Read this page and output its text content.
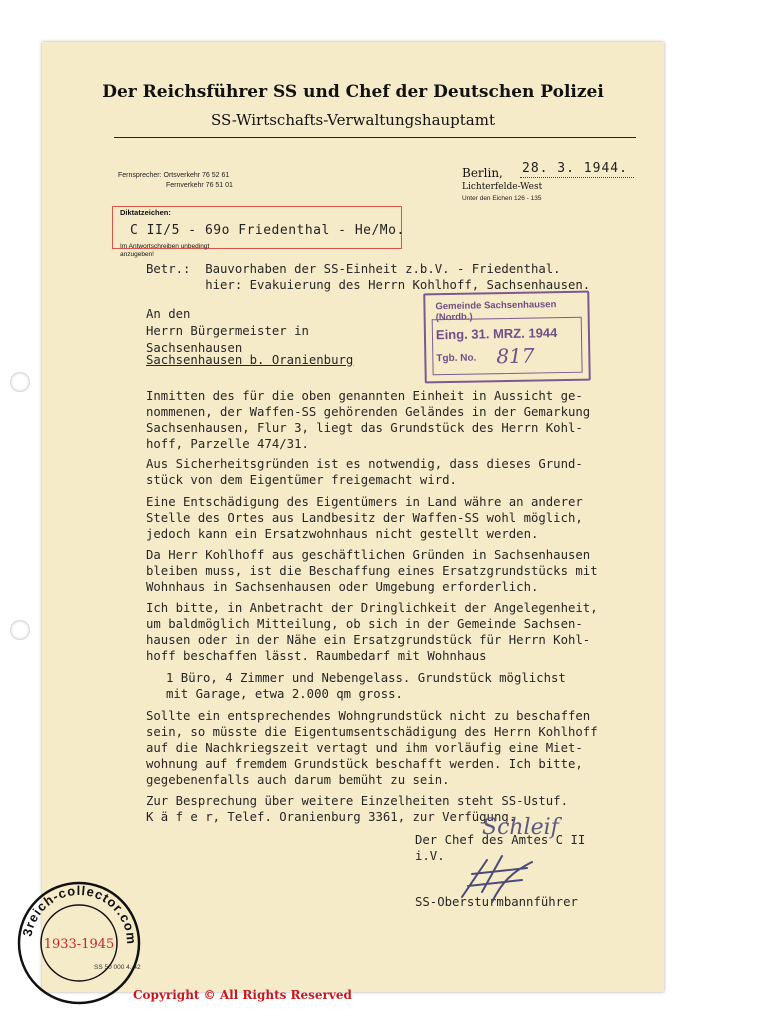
Der Reichsführer SS und Chef der Deutschen Polizei
SS-Wirtschafts-Verwaltungshauptamt
Fernsprecher: Ortsverkehr 76 52 61
Fernverkehr 76 51 01
Berlin, 28. 3. 1944.
Lichterfelde-West
Unter den Eichen 126 - 135
Diktatzeichen:
C II/5 - 69o Friedenthal - He/Mo.
Im Antwortschreiben unbedingt
anzugeben!
Betr.:  Bauvorhaben der SS-Einheit z.b.V. - Friedenthal.
hier: Evakuierung des Herrn Kohlhoff, Sachsenhausen.
An den
Herrn Bürgermeister in
Sachsenhausen
Sachsenhausen b. Oranienburg
Gemeinde Sachsenhausen (Nordb.)
Eing. 31. MRZ. 1944
Tgb. No. 817
Inmitten des für die oben genannten Einheit in Aussicht ge-
nommenen, der Waffen-SS gehörenden Geländes in der Gemarkung
Sachsenhausen, Flur 3, liegt das Grundstück des Herrn Kohl-
hoff, Parzelle 474/31.
Aus Sicherheitsgründen ist es notwendig, dass dieses Grund-
stück von dem Eigentümer freigemacht wird.
Eine Entschädigung des Eigentümers in Land währe an anderer
Stelle des Ortes aus Landbesitz der Waffen-SS wohl möglich,
jedoch kann ein Ersatzwohnhaus nicht gestellt werden.
Da Herr Kohlhoff aus geschäftlichen Gründen in Sachsenhausen
bleiben muss, ist die Beschaffung eines Ersatzgrundstücks mit
Wohnhaus in Sachsenhausen oder Umgebung erforderlich.
Ich bitte, in Anbetracht der Dringlichkeit der Angelegenheit,
um baldmöglich Mitteilung, ob sich in der Gemeinde Sachsen-
hausen oder in der Nähe ein Ersatzgrundstück für Herrn Kohl-
hoff beschaffen lässt. Raumbedarf mit Wohnhaus
1 Büro, 4 Zimmer und Nebengelass. Grundstück möglichst
mit Garage, etwa 2.000 qm gross.
Sollte ein entsprechendes Wohngrundstück nicht zu beschaffen
sein, so müsste die Eigentumsentschädigung des Herrn Kohlhoff
auf die Nachkriegszeit vertagt und ihm vorläufig eine Miet-
wohnung auf fremdem Grundstück beschafft werden. Ich bitte,
gegebenenfalls auch darum bemüht zu sein.
Zur Besprechung über weitere Einzelheiten steht SS-Ustuf.
K ä f e r, Telef. Oranienburg 3361, zur Verfügung.
Der Chef des Amtes C II
i.V.
Schleif
SS-Obersturmbannführer
SS 50 000 4. 42
3reich-collector.com
1933-1945
Copyright © All Rights Reserved
